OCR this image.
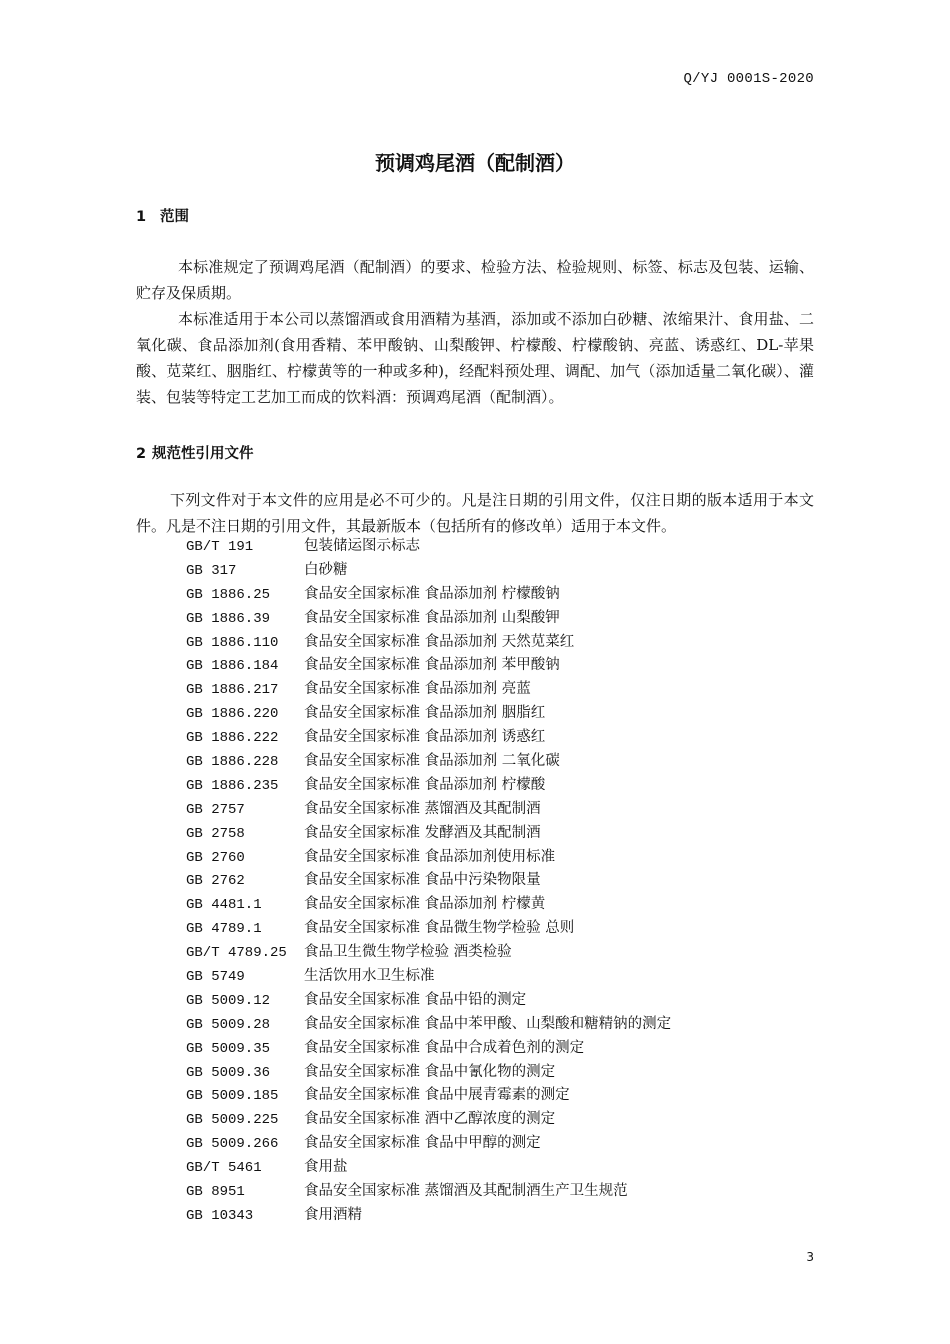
Q/YJ 0001S-2020
预调鸡尾酒（配制酒）
1 范围

本标准规定了预调鸡尾酒（配制酒）的要求、检验方法、检验规则、标签、标志及包装、运输、贮存及保质期。

本标准适用于本公司以蒸馏酒或食用酒精为基酒，添加或不添加白砂糖、浓缩果汁、食用盐、二氧化碳、食品添加剂(食用香精、苯甲酸钠、山梨酸钾、柠檬酸、柠檬酸钠、亮蓝、诱惑红、DL-苹果酸、苋菜红、胭脂红、柠檬黄等的一种或多种)，经配料预处理、调配、加气（添加适量二氧化碳）、灌装、包装等特定工艺加工而成的饮料酒：预调鸡尾酒（配制酒）。

2 规范性引用文件

下列文件对于本文件的应用是必不可少的。凡是注日期的引用文件，仅注日期的版本适用于本文件。凡是不注日期的引用文件，其最新版本（包括所有的修改单）适用于本文件。

GB/T 191	包装储运图示标志
GB 317	白砂糖
GB 1886.25 食品安全国家标准 食品添加剂 柠檬酸钠
GB 1886.39 食品安全国家标准 食品添加剂 山梨酸钾
GB 1886.110 食品安全国家标准 食品添加剂 天然苋菜红
GB 1886.184 食品安全国家标准 食品添加剂 苯甲酸钠
GB 1886.217 食品安全国家标准 食品添加剂 亮蓝
GB 1886.220 食品安全国家标准 食品添加剂 胭脂红
GB 1886.222 食品安全国家标准 食品添加剂 诱惑红
GB 1886.228 食品安全国家标准 食品添加剂 二氧化碳
GB 1886.235 食品安全国家标准 食品添加剂 柠檬酸
GB 2757	食品安全国家标准 蒸馏酒及其配制酒
GB 2758	食品安全国家标准 发酵酒及其配制酒
GB 2760	食品安全国家标准 食品添加剂使用标准
GB 2762	食品安全国家标准 食品中污染物限量
GB 4481.1	食品安全国家标准 食品添加剂 柠檬黄
GB 4789.1	食品安全国家标准 食品微生物学检验 总则
GB/T 4789.25 食品卫生微生物学检验 酒类检验
GB 5749	生活饮用水卫生标准
GB 5009.12 食品安全国家标准 食品中铅的测定
GB 5009.28 食品安全国家标准 食品中苯甲酸、山梨酸和糖精钠的测定
GB 5009.35 食品安全国家标准 食品中合成着色剂的测定
GB 5009.36 食品安全国家标准 食品中氰化物的测定
GB 5009.185 食品安全国家标准 食品中展青霉素的测定
GB 5009.225 食品安全国家标准 酒中乙醇浓度的测定
GB 5009.266 食品安全国家标准 食品中甲醇的测定
GB/T 5461	食用盐
GB 8951	食品安全国家标准 蒸馏酒及其配制酒生产卫生规范
GB 10343	食用酒精
3
